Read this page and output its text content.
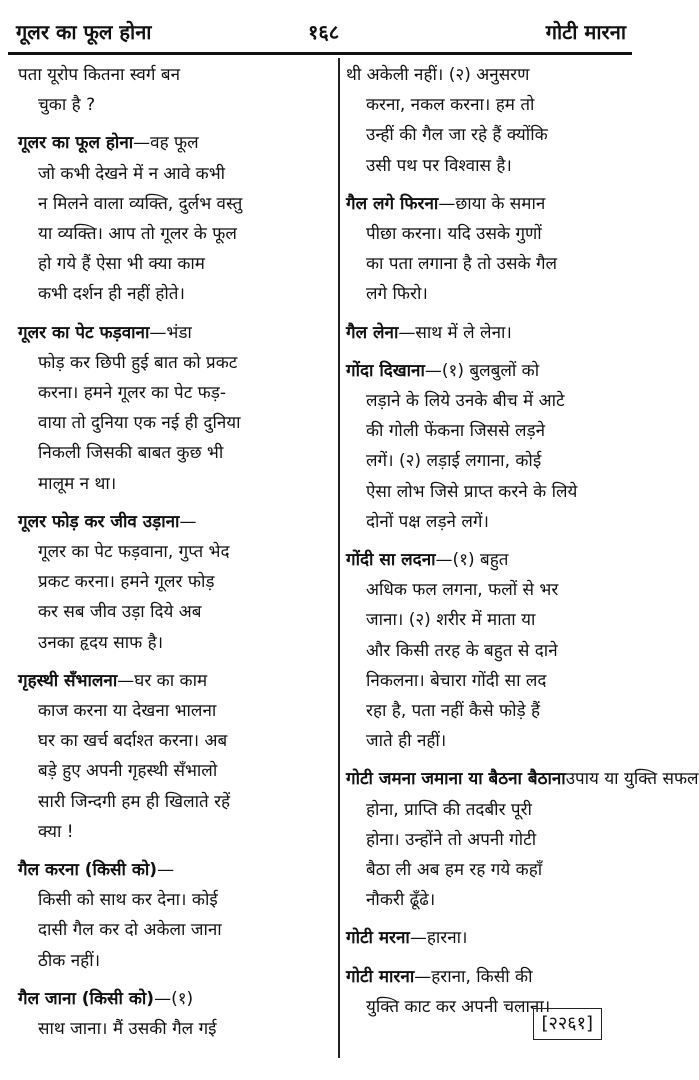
गूलर का फूल होना	१६८	गोटी मारना
पता यूरोप कितना स्वर्ग बन
चुका है ?
गूलर का फूल होना—वह फूल
जो कभी देखने में न आवे कभी
न मिलने वाला व्यक्ति, दुर्लभ वस्तु
या व्यक्ति। आप तो गूलर के फूल
हो गये हैं ऐसा भी क्या काम
कभी दर्शन ही नहीं होते।
गूलर का पेट फड़वाना—भंडा
फोड़ कर छिपी हुई बात को प्रकट
करना। हमने गूलर का पेट फड़-
वाया तो दुनिया एक नई ही दुनिया
निकली जिसकी बाबत कुछ भी
मालूम न था।
गूलर फोड़ कर जीव उड़ाना—
गूलर का पेट फड़वाना, गुप्त भेद
प्रकट करना। हमने गूलर फोड़
कर सब जीव उड़ा दिये अब
उनका हृदय साफ है।
गृहस्थी सँभालना—घर का काम
काज करना या देखना भालना
घर का खर्च बर्दाश्त करना। अब
बड़े हुए अपनी गृहस्थी सँभालो
सारी जिन्दगी हम ही खिलाते रहें
क्या !
गैल करना (किसी को)—
किसी को साथ कर देना। कोई
दासी गैल कर दो अकेला जाना
ठीक नहीं।
गैल जाना (किसी को)—(१)
साथ जाना। मैं उसकी गैल गई
थी अकेली नहीं। (२) अनुसरण
करना, नकल करना। हम तो
उन्हीं की गैल जा रहे हैं क्योंकि
उसी पथ पर विश्वास है।
गैल लगे फिरना—छाया के समान
पीछा करना। यदि उसके गुणों
का पता लगाना है तो उसके गैल
लगे फिरो।
गैल लेना—साथ में ले लेना।
गोंदा दिखाना—(१) बुलबुलों को
लड़ाने के लिये उनके बीच में आटे
की गोली फेंकना जिससे लड़ने
लगें। (२) लड़ाई लगाना, कोई
ऐसा लोभ जिसे प्राप्त करने के लिये
दोनों पक्ष लड़ने लगें।
गोंदी सा लदना—(१) बहुत
अधिक फल लगना, फलों से भर
जाना। (२) शरीर में माता या
और किसी तरह के बहुत से दाने
निकलना। बेचारा गोंदी सा लद
रहा है, पता नहीं कैसे फोड़े हैं
जाते ही नहीं।
गोटी जमना जमाना या बैठना बैठानाउपाय या युक्ति सफल
होना, प्राप्ति की तदबीर पूरी
होना। उन्होंने तो अपनी गोटी
बैठा ली अब हम रह गये कहाँ
नौकरी ढूँढे।
गोटी मरना—हारना।
गोटी मारना—हराना, किसी की
युक्ति काट कर अपनी चलाना।
[२२६१]
